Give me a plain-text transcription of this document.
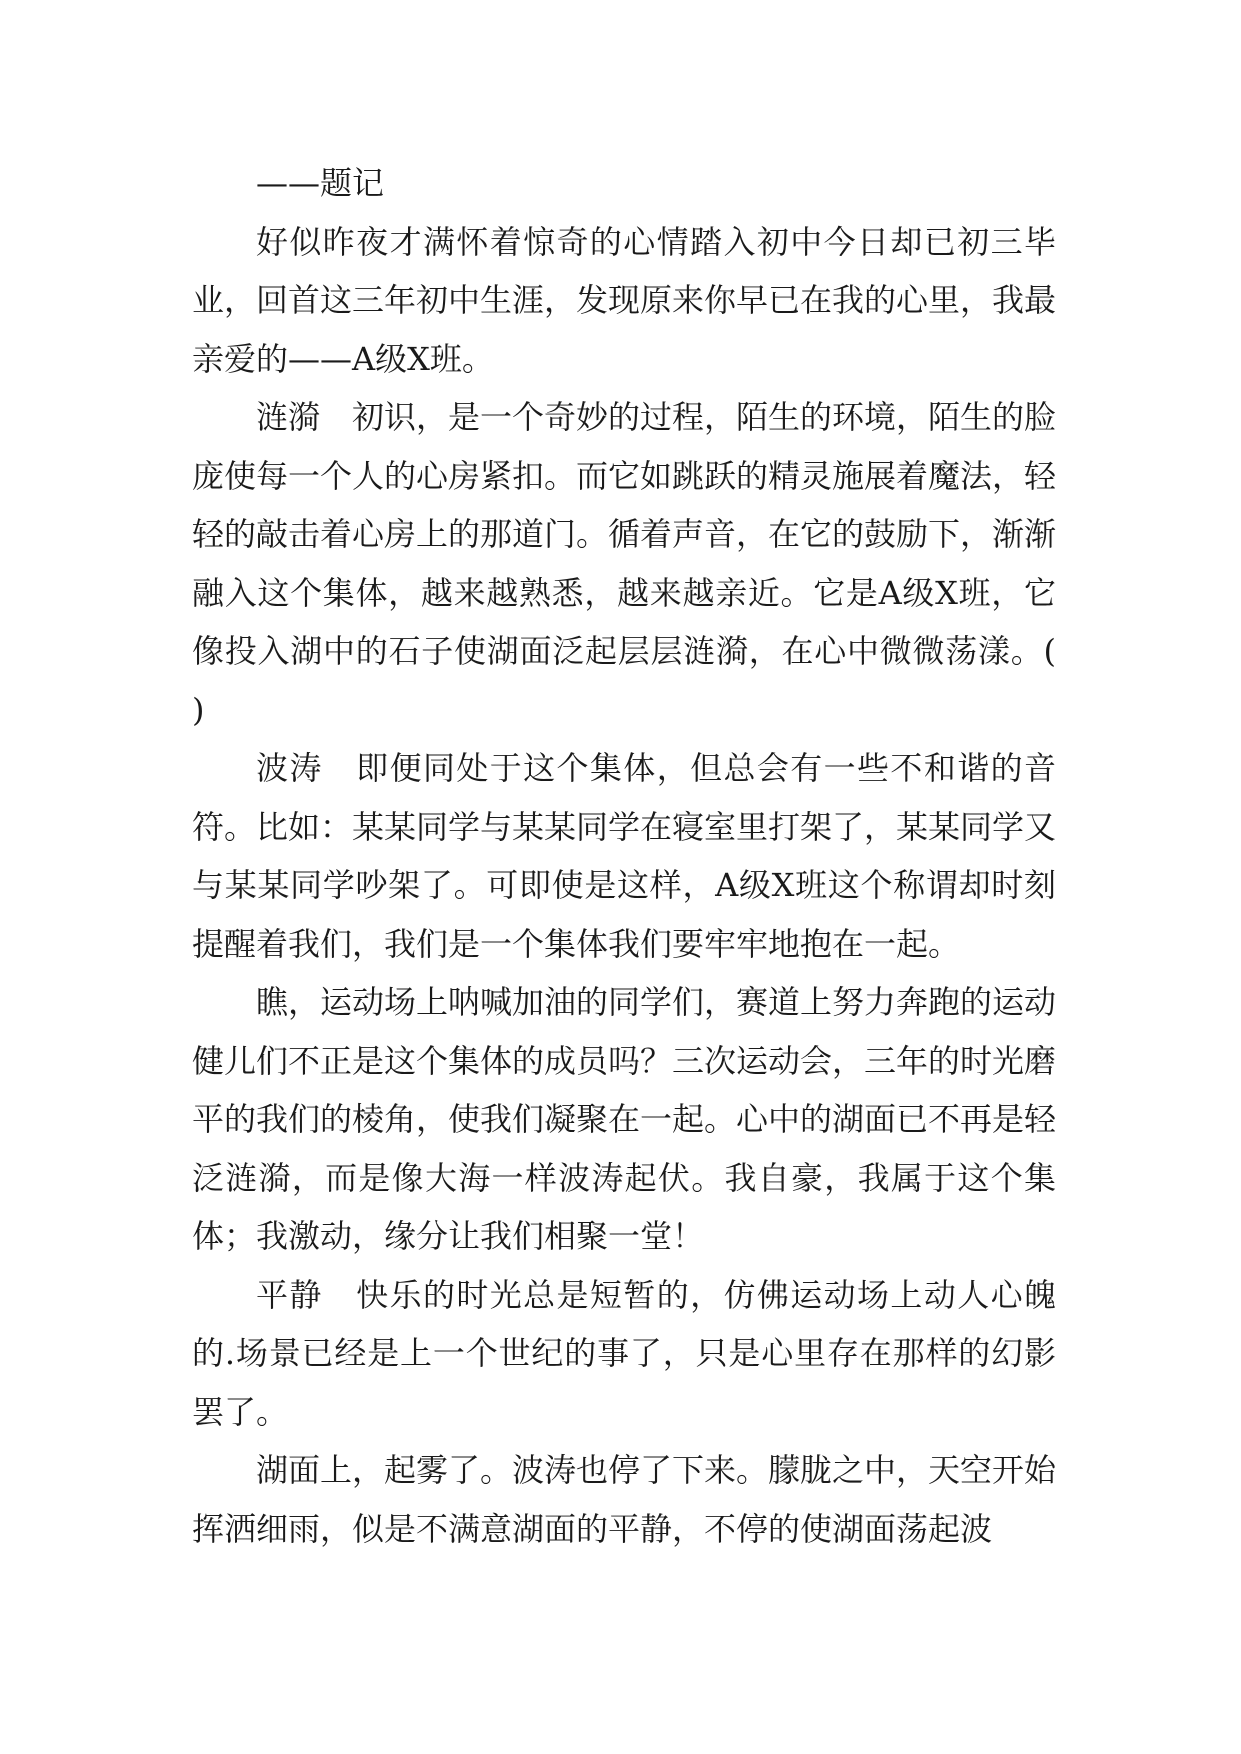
——题记

好似昨夜才满怀着惊奇的心情踏入初中今日却已初三毕业，回首这三年初中生涯，发现原来你早已在我的心里，我最亲爱的——A级X班。

涟漪　初识，是一个奇妙的过程，陌生的环境，陌生的脸庞使每一个人的心房紧扣。而它如跳跃的精灵施展着魔法，轻轻的敲击着心房上的那道门。循着声音，在它的鼓励下，渐渐融入这个集体，越来越熟悉，越来越亲近。它是A级X班，它像投入湖中的石子使湖面泛起层层涟漪，在心中微微荡漾。( )

波涛　即便同处于这个集体，但总会有一些不和谐的音符。比如：某某同学与某某同学在寝室里打架了，某某同学又与某某同学吵架了。可即使是这样，A级X班这个称谓却时刻提醒着我们，我们是一个集体我们要牢牢地抱在一起。

瞧，运动场上呐喊加油的同学们，赛道上努力奔跑的运动健儿们不正是这个集体的成员吗？三次运动会，三年的时光磨平的我们的棱角，使我们凝聚在一起。心中的湖面已不再是轻泛涟漪，而是像大海一样波涛起伏。我自豪，我属于这个集体；我激动，缘分让我们相聚一堂！

平静　快乐的时光总是短暂的，仿佛运动场上动人心魄的.场景已经是上一个世纪的事了，只是心里存在那样的幻影罢了。

湖面上，起雾了。波涛也停了下来。朦胧之中，天空开始挥洒细雨，似是不满意湖面的平静，不停的使湖面荡起波
